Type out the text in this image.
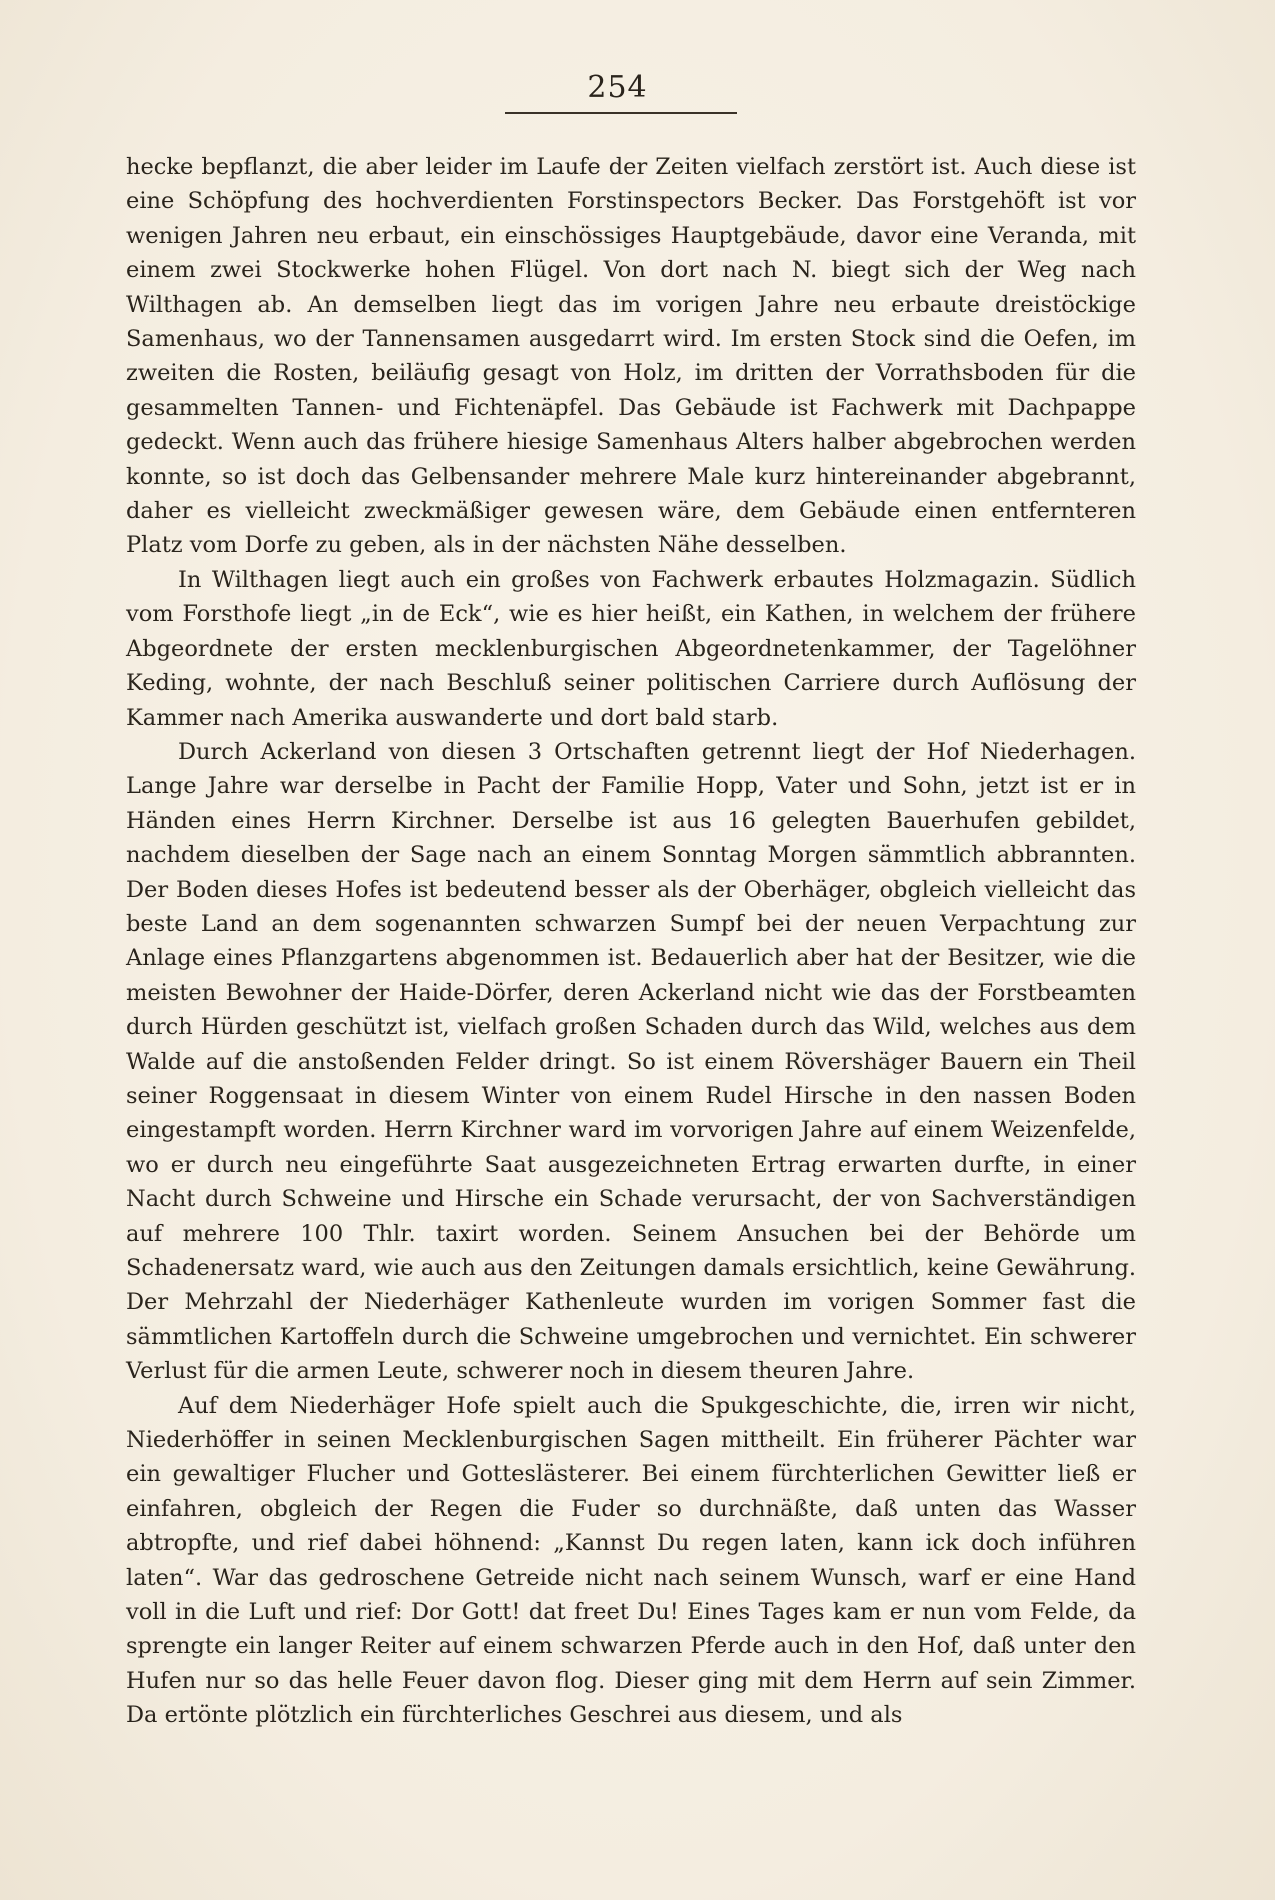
254

hecke bepflanzt, die aber leider im Laufe der Zeiten vielfach zerstört ist. Auch diese ist eine Schöpfung des hochverdienten Forstinspectors Becker. Das Forstgehöft ist vor wenigen Jahren neu erbaut, ein einschössiges Hauptgebäude, davor eine Veranda, mit einem zwei Stockwerke hohen Flügel. Von dort nach N. biegt sich der Weg nach Wilthagen ab. An demselben liegt das im vorigen Jahre neu erbaute dreistöckige Samenhaus, wo der Tannensamen ausgedarrt wird. Im ersten Stock sind die Oefen, im zweiten die Rosten, beiläufig gesagt von Holz, im dritten der Vorrathsboden für die gesammelten Tannen- und Fichtenäpfel. Das Gebäude ist Fachwerk mit Dachpappe gedeckt. Wenn auch das frühere hiesige Samenhaus Alters halber abgebrochen werden konnte, so ist doch das Gelbensander mehrere Male kurz hintereinander abgebrannt, daher es vielleicht zweckmäßiger gewesen wäre, dem Gebäude einen entfernteren Platz vom Dorfe zu geben, als in der nächsten Nähe desselben.

In Wilthagen liegt auch ein großes von Fachwerk erbautes Holzmagazin. Südlich vom Forsthofe liegt „in de Eck“, wie es hier heißt, ein Kathen, in welchem der frühere Abgeordnete der ersten mecklenburgischen Abgeordnetenkammer, der Tagelöhner Keding, wohnte, der nach Beschluß seiner politischen Carriere durch Auflösung der Kammer nach Amerika auswanderte und dort bald starb.

Durch Ackerland von diesen 3 Ortschaften getrennt liegt der Hof Niederhagen. Lange Jahre war derselbe in Pacht der Familie Hopp, Vater und Sohn, jetzt ist er in Händen eines Herrn Kirchner. Derselbe ist aus 16 gelegten Bauerhufen gebildet, nachdem dieselben der Sage nach an einem Sonntag Morgen sämmtlich abbrannten. Der Boden dieses Hofes ist bedeutend besser als der Oberhäger, obgleich vielleicht das beste Land an dem sogenannten schwarzen Sumpf bei der neuen Verpachtung zur Anlage eines Pflanzgartens abgenommen ist. Bedauerlich aber hat der Besitzer, wie die meisten Bewohner der Haide-Dörfer, deren Ackerland nicht wie das der Forstbeamten durch Hürden geschützt ist, vielfach großen Schaden durch das Wild, welches aus dem Walde auf die anstoßenden Felder dringt. So ist einem Rövershäger Bauern ein Theil seiner Roggensaat in diesem Winter von einem Rudel Hirsche in den nassen Boden eingestampft worden. Herrn Kirchner ward im vorvorigen Jahre auf einem Weizenfelde, wo er durch neu eingeführte Saat ausgezeichneten Ertrag erwarten durfte, in einer Nacht durch Schweine und Hirsche ein Schade verursacht, der von Sachverständigen auf mehrere 100 Thlr. taxirt worden. Seinem Ansuchen bei der Behörde um Schadenersatz ward, wie auch aus den Zeitungen damals ersichtlich, keine Gewährung. Der Mehrzahl der Niederhäger Kathenleute wurden im vorigen Sommer fast die sämmtlichen Kartoffeln durch die Schweine umgebrochen und vernichtet. Ein schwerer Verlust für die armen Leute, schwerer noch in diesem theuren Jahre.

Auf dem Niederhäger Hofe spielt auch die Spukgeschichte, die, irren wir nicht, Niederhöffer in seinen Mecklenburgischen Sagen mittheilt. Ein früherer Pächter war ein gewaltiger Flucher und Gotteslästerer. Bei einem fürchterlichen Gewitter ließ er einfahren, obgleich der Regen die Fuder so durchnäßte, daß unten das Wasser abtropfte, und rief dabei höhnend: „Kannst Du regen laten, kann ick doch inführen laten“. War das gedroschene Getreide nicht nach seinem Wunsch, warf er eine Hand voll in die Luft und rief: Dor Gott! dat freet Du! Eines Tages kam er nun vom Felde, da sprengte ein langer Reiter auf einem schwarzen Pferde auch in den Hof, daß unter den Hufen nur so das helle Feuer davon flog. Dieser ging mit dem Herrn auf sein Zimmer. Da ertönte plötzlich ein fürchterliches Geschrei aus diesem, und als
